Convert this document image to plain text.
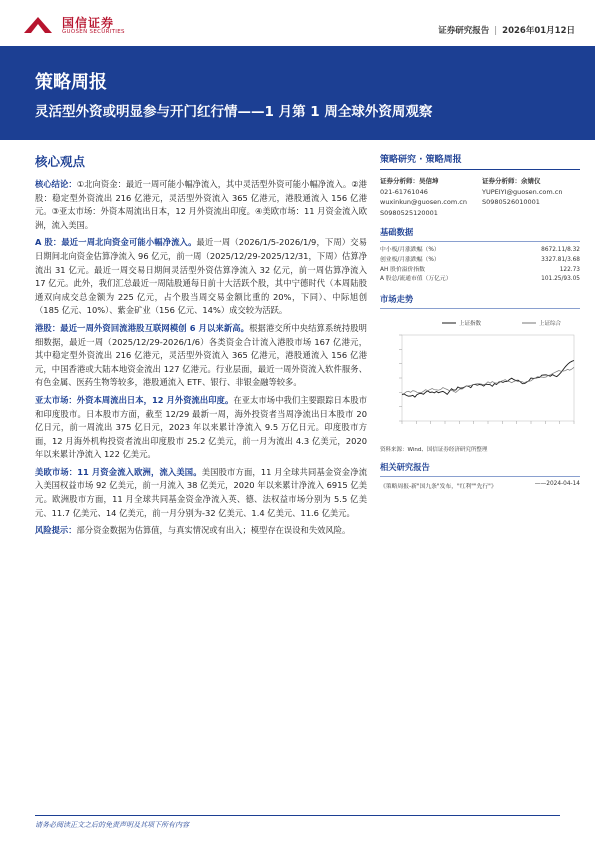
国信证券
GUOSEN SECURITIES	证券研究报告 | 2026年01月12日
策略周报
灵活型外资或明显参与开门红行情——1 月第 1 周全球外资周观察
核心观点
核心结论：①北向资金：最近一周可能小幅净流入，其中灵活型外资可能小幅净流入。②港股：稳定型外资流出 216 亿港元，灵活型外资流入 365 亿港元，港股通流入 156 亿港元。③亚太市场：外资本周流出日本，12 月外资流出印度。④美欧市场：11 月资金流入欧洲，流入美国。
A 股：最近一周北向资金可能小幅净流入。最近一周（2026/1/5-2026/1/9，下周）交易日期间北向资金估算净流入 96 亿元，前一周（2025/12/29-2025/12/31，下周）估算净流出 31 亿元。最近一周交易日期间灵活型外资估算净流入 32 亿元，前一周估算净流入 17 亿元。此外，我们汇总最近一周陆股通每日前十大活跃个股，其中宁德时代（本周陆股通双向成交总金额为 225 亿元，占个股当周交易金额比重的 20%，下同）、中际旭创（185 亿元、10%）、紫金矿业（156 亿元、14%）成交较为活跃。
港股：最近一周外资回流港股互联网模创 6 月以来新高。根据港交所中央结算系统持股明细数据，最近一周（2025/12/29-2026/1/6）各类资金合计流入港股市场 167 亿港元，其中稳定型外资流出 216 亿港元，灵活型外资流入 365 亿港元，港股通流入 156 亿港元，中国香港或大陆本地资金流出 127 亿港元。行业层面，最近一周外资流入软件服务、有色金属、医药生物等较多，港股通流入 ETF、银行、非银金融等较多。
亚太市场：外资本周流出日本，12 月外资流出印度。在亚太市场中我们主要跟踪日本股市和印度股市。日本股市方面，截至 12/29 最新一周，海外投资者当周净流出日本股市 20 亿日元，前一周流出 375 亿日元，2023 年以来累计净流入 9.5 万亿日元。印度股市方面，12 月海外机构投资者流出印度股市 25.2 亿美元，前一月为流出 4.3 亿美元，2020 年以来累计净流入 122 亿美元。
美欧市场：11 月资金流入欧洲，流入美国。美国股市方面，11 月全球共同基金资金净流入美国权益市场 92 亿美元，前一月流入 38 亿美元，2020 年以来累计净流入 6915 亿美元。欧洲股市方面，11 月全球共同基金资金净流入英、德、法权益市场分别为 5.5 亿美元、11.7 亿美元、14 亿美元，前一月分别为-32 亿美元、1.4 亿美元、11.6 亿美元。
风险提示：部分资金数据为估算值，与真实情况或有出入；模型存在误设和失效风险。
策略研究 · 策略周报
证券分析师：吴信坤
021-61761046
wuxinkun@guosen.com.cn
S0980525120001
证券分析师：余婧仪
YUPEIYI@guosen.com.cn
S0980526010001
基础数据
中小板/月涨跌幅（%）	8672.11/8.32
创业板/月涨跌幅（%）	3327.81/3.68
AH 股价溢价指数	122.73
A 股总/流通市值（万亿元）	101.25/93.05
市场走势
上证指数	上证综合
资料来源：Wind、国信证券经济研究所整理
相关研究报告
《策略周报-新"国九条"发布，"红利""先行"》	——2024-04-14
请务必阅读正文之后的免责声明及其项下所有内容
